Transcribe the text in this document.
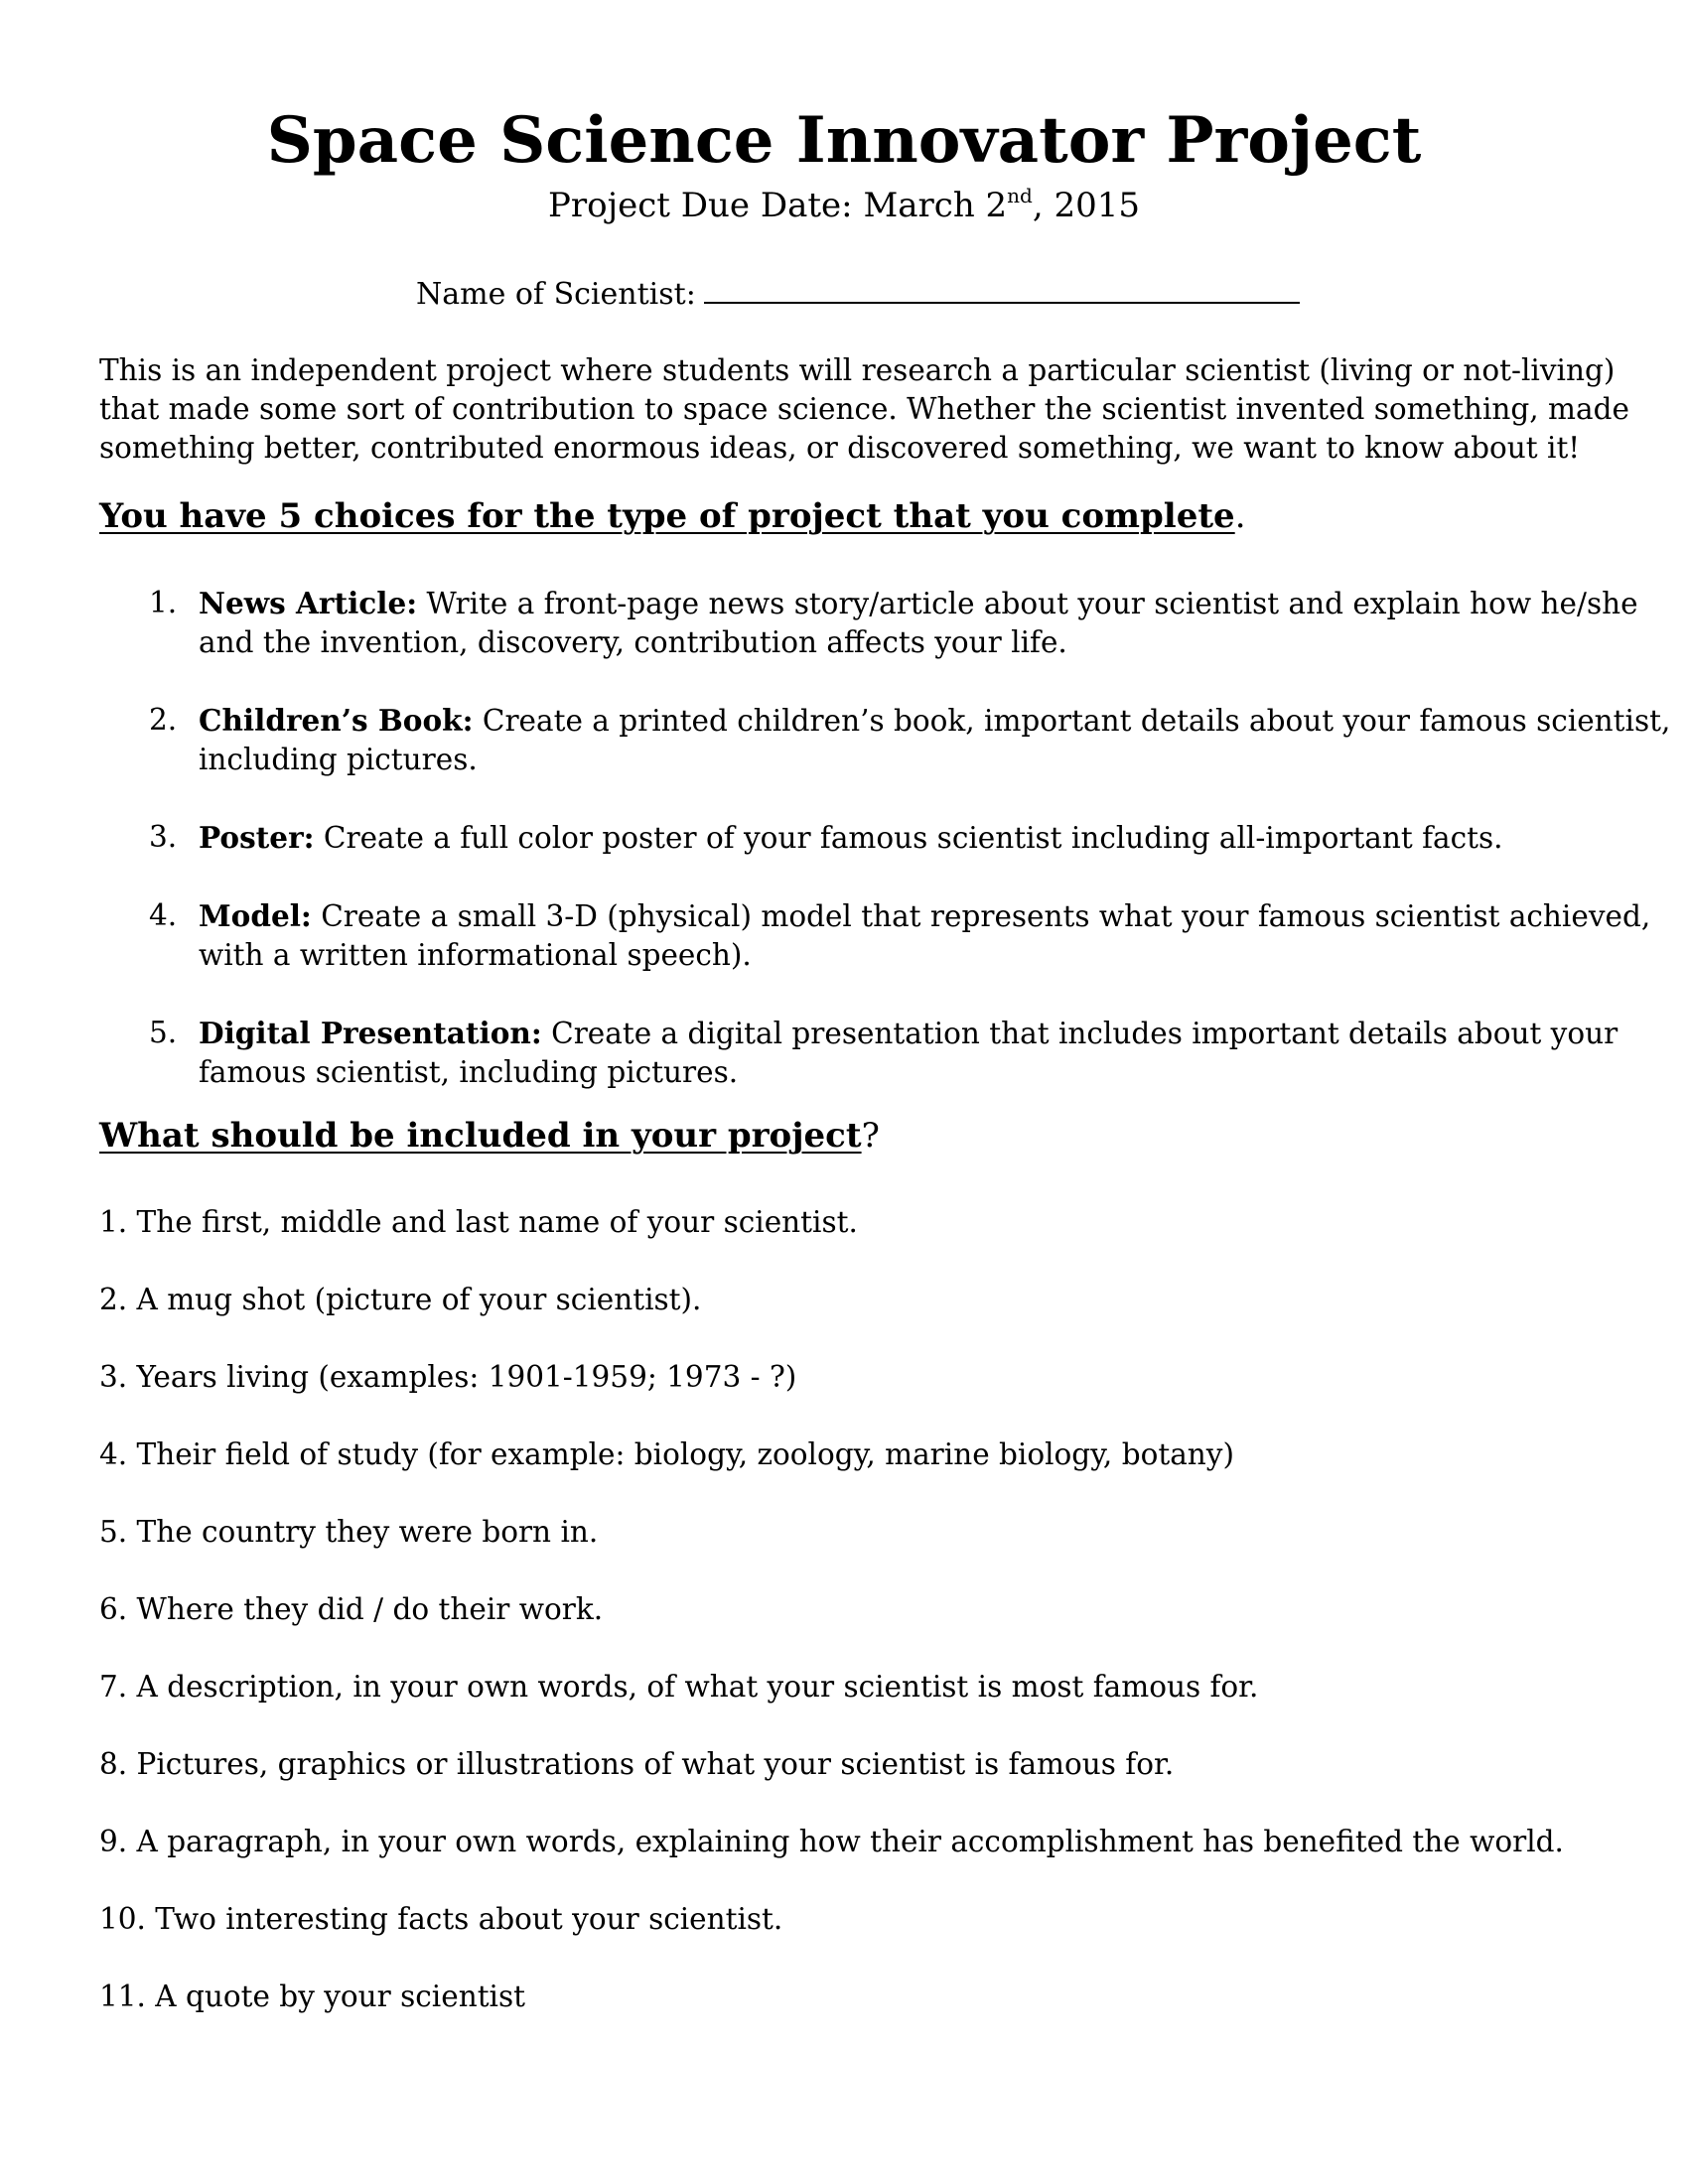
Space Science Innovator Project
Project Due Date: March 2nd, 2015
Name of Scientist:

This is an independent project where students will research a particular scientist (living or not-living)

that made some sort of contribution to space science. Whether the scientist invented something, made

something better, contributed enormous ideas, or discovered something, we want to know about it!

You have 5 choices for the type of project that you complete.
1. News Article: Write a front-page news story/article about your scientist and explain how he/she
and the invention, discovery, contribution affects your life.
2. Children’s Book: Create a printed children’s book, important details about your famous scientist,
including pictures.
3. Poster: Create a full color poster of your famous scientist including all-important facts.
4. Model: Create a small 3-D (physical) model that represents what your famous scientist achieved,
with a written informational speech).
5. Digital Presentation: Create a digital presentation that includes important details about your
famous scientist, including pictures.
What should be included in your project?
1. The first, middle and last name of your scientist.
2. A mug shot (picture of your scientist).
3. Years living (examples: 1901-1959; 1973 - ?)
4. Their field of study (for example: biology, zoology, marine biology, botany)
5. The country they were born in.
6. Where they did / do their work.
7. A description, in your own words, of what your scientist is most famous for.
8. Pictures, graphics or illustrations of what your scientist is famous for.
9. A paragraph, in your own words, explaining how their accomplishment has benefited the world.
10. Two interesting facts about your scientist.
11. A quote by your scientist
